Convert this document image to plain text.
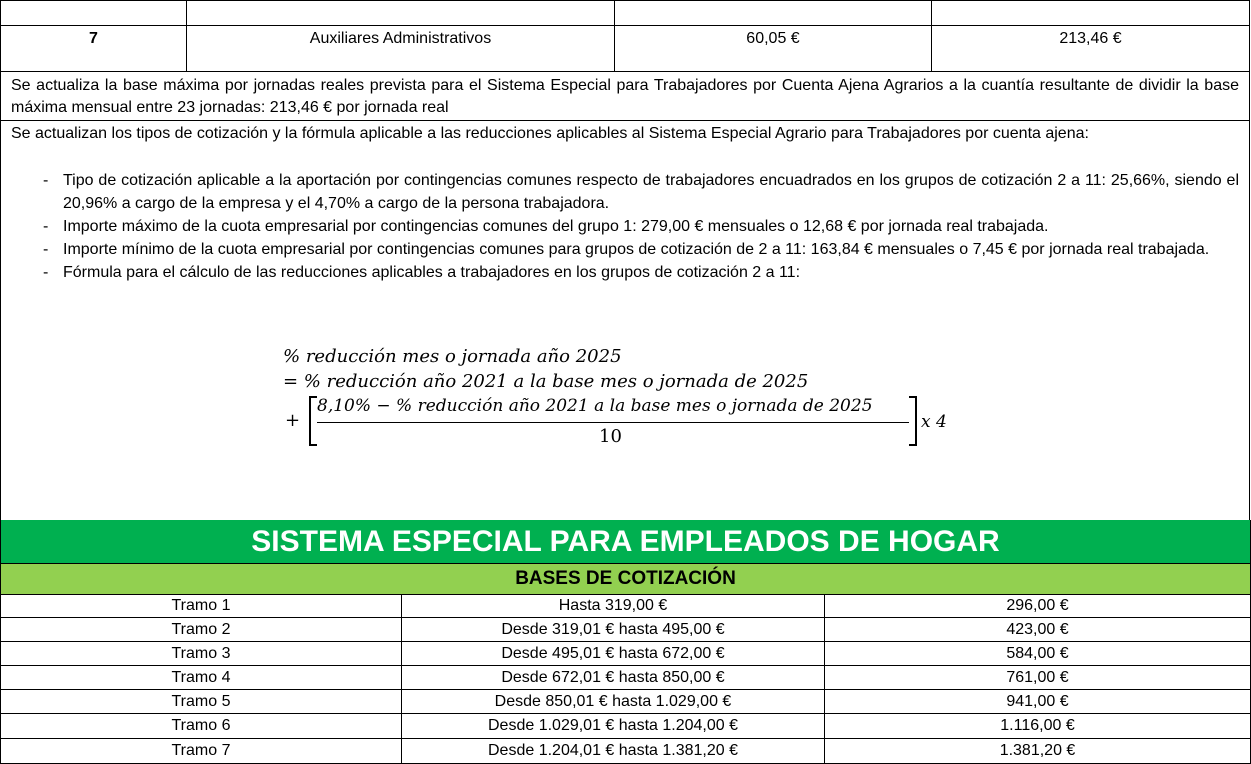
7	Auxiliares Administrativos	60,05 €	213,46 €
Se actualiza la base máxima por jornadas reales prevista para el Sistema Especial para Trabajadores por Cuenta Ajena Agrarios a la cuantía resultante de dividir la base máxima mensual entre 23 jornadas: 213,46 € por jornada real
Se actualizan los tipos de cotización y la fórmula aplicable a las reducciones aplicables al Sistema Especial Agrario para Trabajadores por cuenta ajena:
- Tipo de cotización aplicable a la aportación por contingencias comunes respecto de trabajadores encuadrados en los grupos de cotización 2 a 11: 25,66%, siendo el 20,96% a cargo de la empresa y el 4,70% a cargo de la persona trabajadora.
- Importe máximo de la cuota empresarial por contingencias comunes del grupo 1: 279,00 € mensuales o 12,68 € por jornada real trabajada.
- Importe mínimo de la cuota empresarial por contingencias comunes para grupos de cotización de 2 a 11: 163,84 € mensuales o 7,45 € por jornada real trabajada.
- Fórmula para el cálculo de las reducciones aplicables a trabajadores en los grupos de cotización 2 a 11:
% reducción mes o jornada año 2025
= % reducción año 2021 a la base mes o jornada de 2025
+
8,10% − % reducción año 2021 a la base mes o jornada de 2025
10
x 4
SISTEMA ESPECIAL PARA EMPLEADOS DE HOGAR
BASES DE COTIZACIÓN
Tramo 1	Hasta 319,00 €	296,00 €
Tramo 2	Desde 319,01 € hasta 495,00 €	423,00 €
Tramo 3	Desde 495,01 € hasta 672,00 €	584,00 €
Tramo 4	Desde 672,01 € hasta 850,00 €	761,00 €
Tramo 5	Desde 850,01 € hasta 1.029,00 €	941,00 €
Tramo 6	Desde 1.029,01 € hasta 1.204,00 €	1.116,00 €
Tramo 7	Desde 1.204,01 € hasta 1.381,20 €	1.381,20 €
